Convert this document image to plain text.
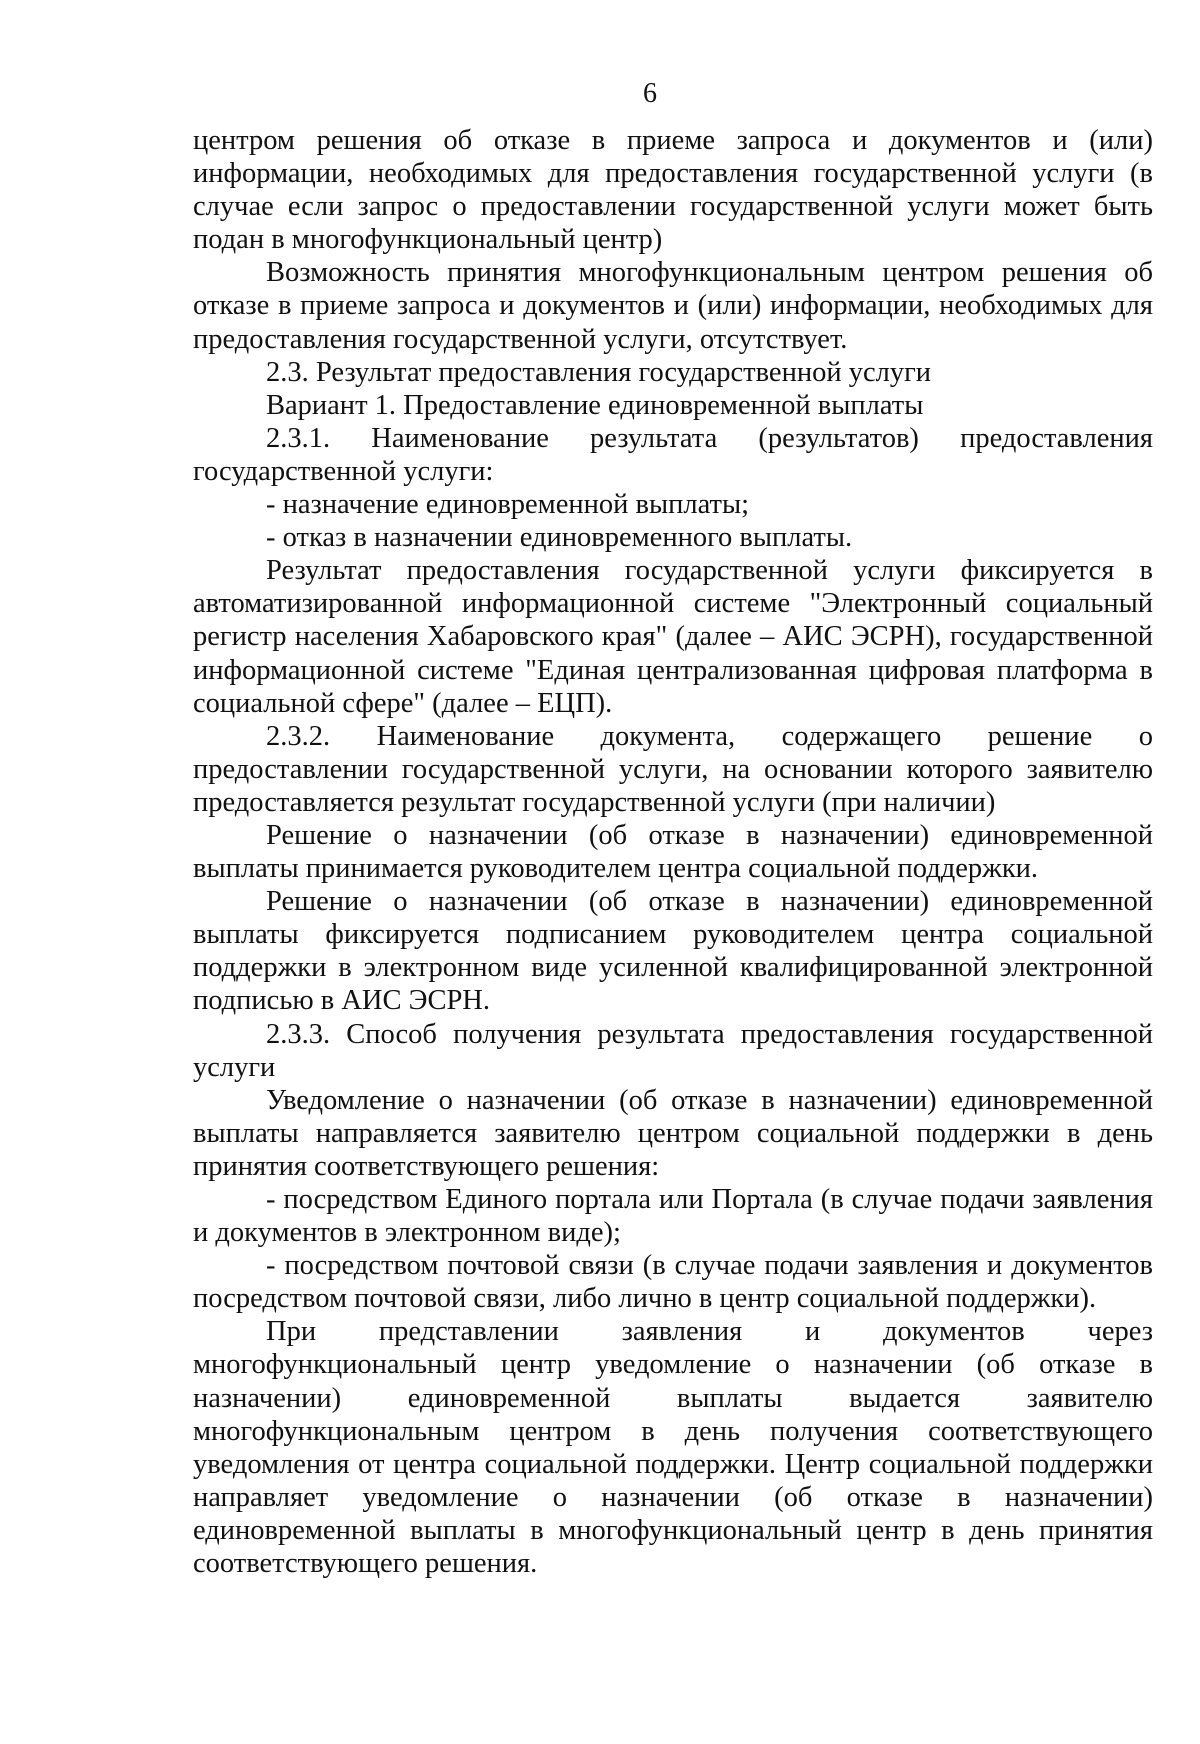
6

центром решения об отказе в приеме запроса и документов и (или) информации, необходимых для предоставления государственной услуги (в случае если запрос о предоставлении государственной услуги может быть подан в многофункциональный центр)

Возможность принятия многофункциональным центром решения об отказе в приеме запроса и документов и (или) информации, необходимых для предоставления государственной услуги, отсутствует.

2.3. Результат предоставления государственной услуги

Вариант 1. Предоставление единовременной выплаты

2.3.1. Наименование результата (результатов) предоставления государственной услуги:

- назначение единовременной выплаты;

- отказ в назначении единовременного выплаты.

Результат предоставления государственной услуги фиксируется в автоматизированной информационной системе "Электронный социальный регистр населения Хабаровского края" (далее – АИС ЭСРН), государственной информационной системе "Единая централизованная цифровая платформа в социальной сфере" (далее – ЕЦП).

2.3.2. Наименование документа, содержащего решение о предоставлении государственной услуги, на основании которого заявителю предоставляется результат государственной услуги (при наличии)

Решение о назначении (об отказе в назначении) единовременной выплаты принимается руководителем центра социальной поддержки.

Решение о назначении (об отказе в назначении) единовременной выплаты фиксируется подписанием руководителем центра социальной поддержки в электронном виде усиленной квалифицированной электронной подписью в АИС ЭСРН.

2.3.3. Способ получения результата предоставления государственной услуги

Уведомление о назначении (об отказе в назначении) единовременной выплаты направляется заявителю центром социальной поддержки в день принятия соответствующего решения:

- посредством Единого портала или Портала (в случае подачи заявления и документов в электронном виде);

- посредством почтовой связи (в случае подачи заявления и документов посредством почтовой связи, либо лично в центр социальной поддержки).

При представлении заявления и документов через многофункциональный центр уведомление о назначении (об отказе в назначении) единовременной выплаты выдается заявителю многофункциональным центром в день получения соответствующего уведомления от центра социальной поддержки. Центр социальной поддержки направляет уведомление о назначении (об отказе в назначении) единовременной выплаты в многофункциональный центр в день принятия соответствующего решения.
